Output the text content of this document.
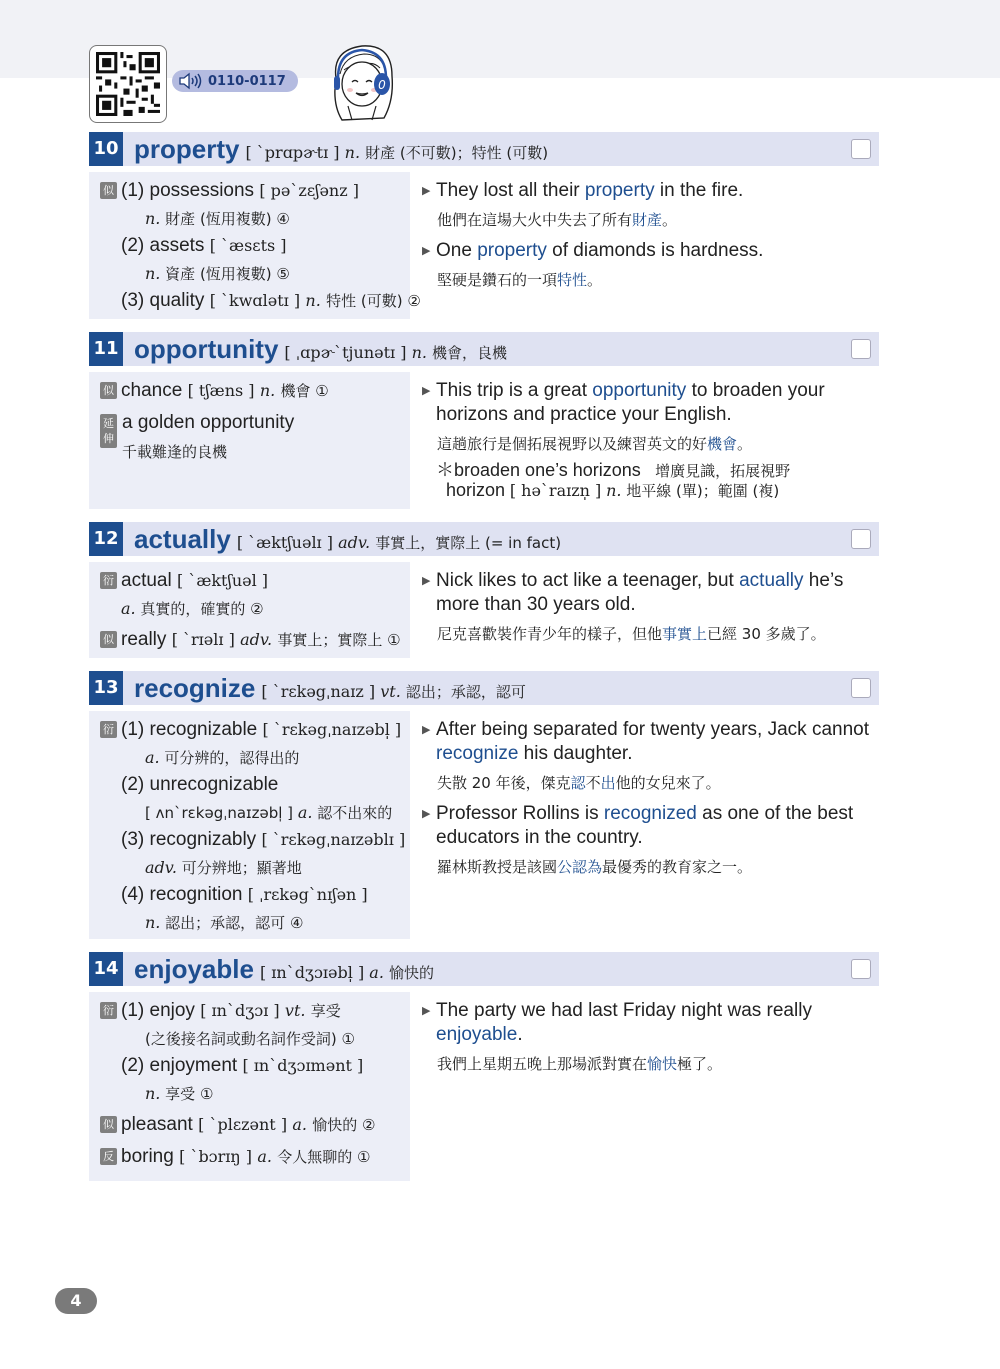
0110-0117	0
10 property [ ˋprɑpɚtɪ ] n. 財產 (不可數)；特性 (可數)
似 (1) possessions [ pəˋzɛʃənz ]
n. 財產 (恆用複數) ④
(2) assets [ ˋæsɛts ]
n. 資產 (恆用複數) ⑤
(3) quality [ ˋkwɑlətɪ ] n. 特性 (可數) ②
▶ They lost all their property in the fire.
他們在這場大火中失去了所有財產。
▶ One property of diamonds is hardness.
堅硬是鑽石的一項特性。
11 opportunity [ ˌɑpɚˋtjunətɪ ] n. 機會，良機
似 chance [ tʃæns ] n. 機會 ①
延伸
a golden opportunity
千載難逢的良機
▶ This trip is a great opportunity to broaden your
horizons and practice your English.
這趟旅行是個拓展視野以及練習英文的好機會。
＊broaden one’s horizons 增廣見識，拓展視野
horizon [ həˋraɪzn̩ ] n. 地平線 (單)；範圍 (複)
12 actually [ ˋæktʃuəlɪ ] adv. 事實上，實際上 (= in fact)
衍 actual [ ˋæktʃuəl ]
a. 真實的，確實的 ②
似 really [ ˋrɪəlɪ ] adv. 事實上；實際上 ①
▶ Nick likes to act like a teenager, but actually he’s
more than 30 years old.
尼克喜歡裝作青少年的樣子，但他事實上已經 30 多歲了。
13 recognize [ ˋrɛkəgˌnaɪz ] vt. 認出；承認，認可
衍 (1) recognizable [ ˋrɛkəgˌnaɪzəbl̩ ]
a. 可分辨的，認得出的
(2) unrecognizable
[ ʌnˋrɛkəgˌnaɪzəbl̩ ] a. 認不出來的
(3) recognizably [ ˋrɛkəgˌnaɪzəblɪ ]
adv. 可分辨地；顯著地
(4) recognition [ ˌrɛkəgˋnɪʃən ]
n. 認出；承認，認可 ④
▶ After being separated for twenty years, Jack cannot
recognize his daughter.
失散 20 年後，傑克認不出他的女兒來了。
▶ Professor Rollins is recognized as one of the best
educators in the country.
羅林斯教授是該國公認為最優秀的教育家之一。
14 enjoyable [ ɪnˋdʒɔɪəbl̩ ] a. 愉快的
衍 (1) enjoy [ ɪnˋdʒɔɪ ] vt. 享受
(之後接名詞或動名詞作受詞) ①
(2) enjoyment [ ɪnˋdʒɔɪmənt ]
n. 享受 ①
似 pleasant [ ˋplɛzənt ] a. 愉快的 ②
反 boring [ ˋbɔrɪŋ ] a. 令人無聊的 ①
▶ The party we had last Friday night was really
enjoyable.
我們上星期五晚上那場派對實在愉快極了。
4
